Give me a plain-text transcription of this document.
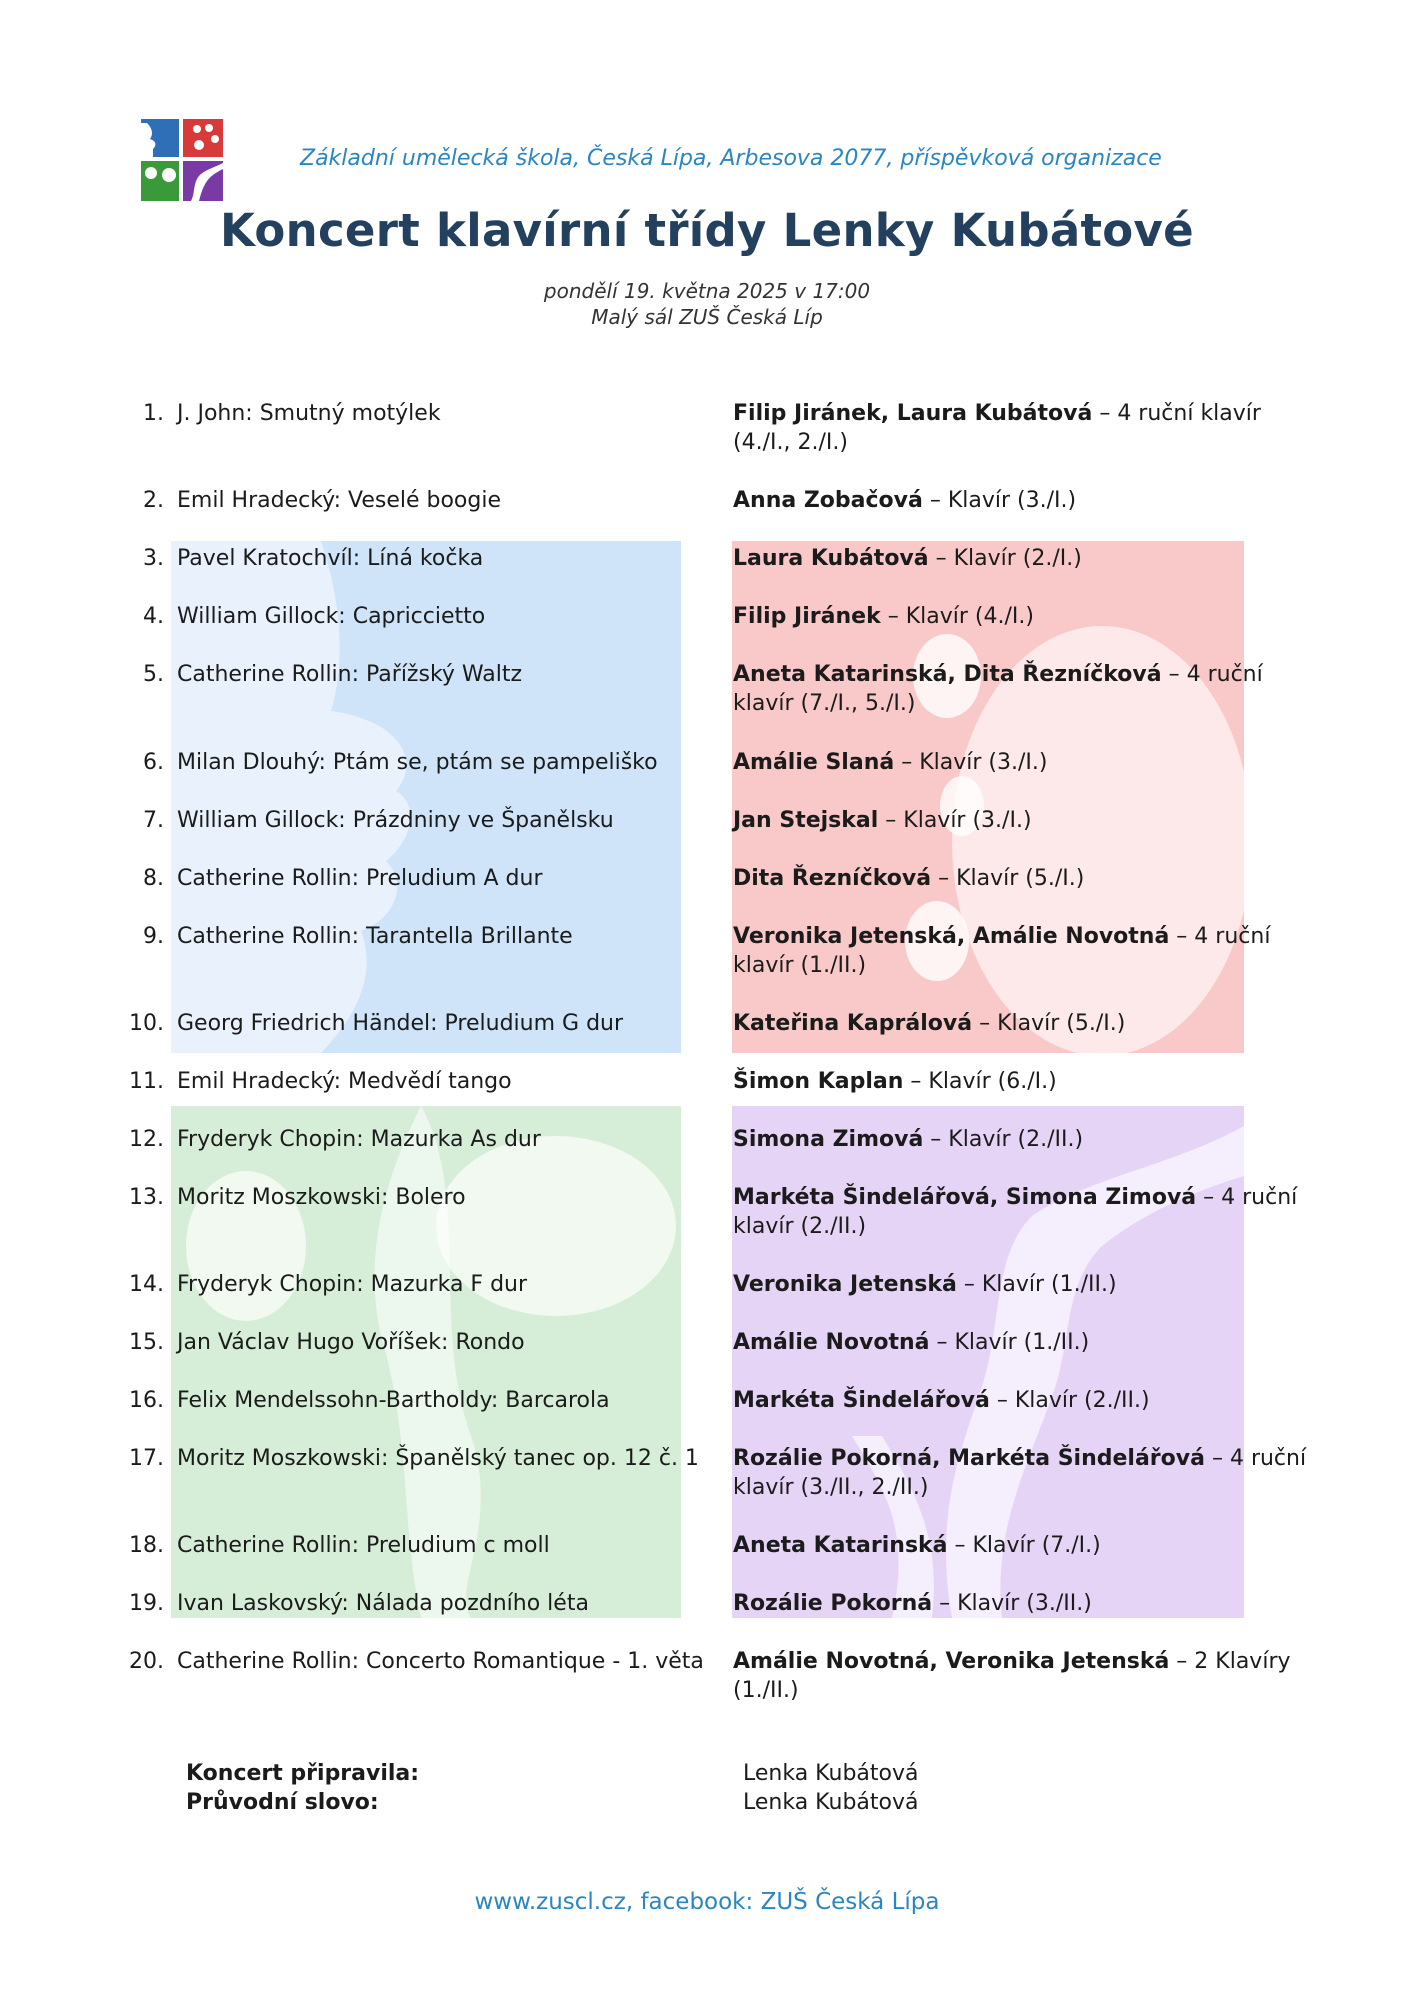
Základní umělecká škola, Česká Lípa, Arbesova 2077, příspěvková organizace
Koncert klavírní třídy Lenky Kubátové
pondělí 19. května 2025 v 17:00
Malý sál ZUŠ Česká Líp
1. J. John: Smutný motýlek	Filip Jiránek, Laura Kubátová – 4 ruční klavír (4./I., 2./I.)
2. Emil Hradecký: Veselé boogie	Anna Zobačová – Klavír (3./I.)
3. Pavel Kratochvíl: Líná kočka	Laura Kubátová – Klavír (2./I.)
4. William Gillock: Capriccietto	Filip Jiránek – Klavír (4./I.)
5. Catherine Rollin: Pařížský Waltz	Aneta Katarinská, Dita Řezníčková – 4 ruční klavír (7./I., 5./I.)
6. Milan Dlouhý: Ptám se, ptám se pampeliško	Amálie Slaná – Klavír (3./I.)
7. William Gillock: Prázdniny ve Španělsku	Jan Stejskal – Klavír (3./I.)
8. Catherine Rollin: Preludium A dur	Dita Řezníčková – Klavír (5./I.)
9. Catherine Rollin: Tarantella Brillante	Veronika Jetenská, Amálie Novotná – 4 ruční klavír (1./II.)
10. Georg Friedrich Händel: Preludium G dur	Kateřina Kaprálová – Klavír (5./I.)
11. Emil Hradecký: Medvědí tango	Šimon Kaplan – Klavír (6./I.)
12. Fryderyk Chopin: Mazurka As dur	Simona Zimová – Klavír (2./II.)
13. Moritz Moszkowski: Bolero	Markéta Šindelářová, Simona Zimová – 4 ruční klavír (2./II.)
14. Fryderyk Chopin: Mazurka F dur	Veronika Jetenská – Klavír (1./II.)
15. Jan Václav Hugo Voříšek: Rondo	Amálie Novotná – Klavír (1./II.)
16. Felix Mendelssohn-Bartholdy: Barcarola	Markéta Šindelářová – Klavír (2./II.)
17. Moritz Moszkowski: Španělský tanec op. 12 č. 1	Rozálie Pokorná, Markéta Šindelářová – 4 ruční klavír (3./II., 2./II.)
18. Catherine Rollin: Preludium c moll	Aneta Katarinská – Klavír (7./I.)
19. Ivan Laskovský: Nálada pozdního léta	Rozálie Pokorná – Klavír (3./II.)
20. Catherine Rollin: Concerto Romantique - 1. věta	Amálie Novotná, Veronika Jetenská – 2 Klavíry (1./II.)
Koncert připravila:	Lenka Kubátová
Průvodní slovo:	Lenka Kubátová
www.zuscl.cz, facebook: ZUŠ Česká Lípa
